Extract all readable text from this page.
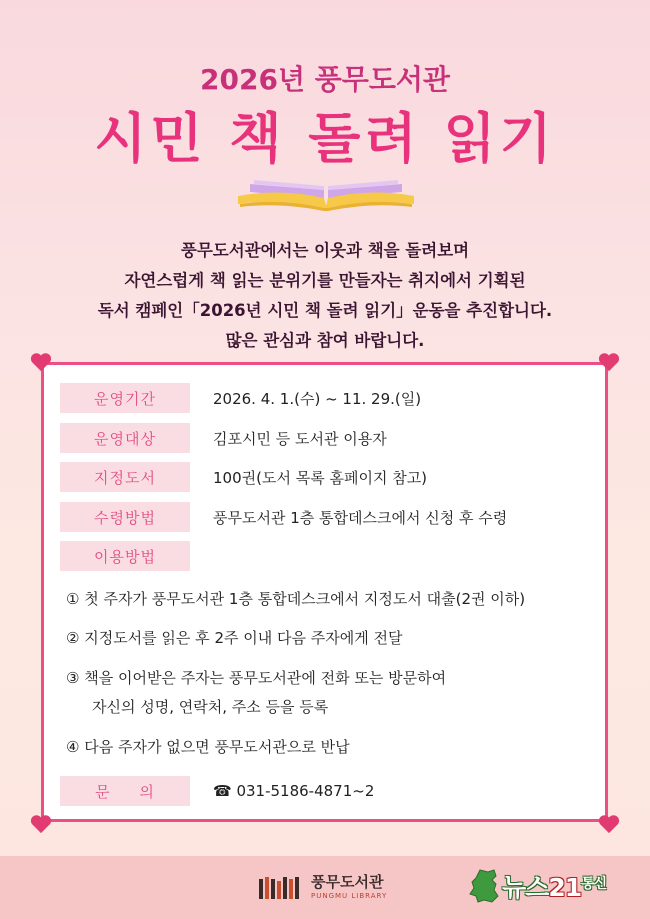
2026년 풍무도서관
시민 책 돌려 읽기
풍무도서관에서는 이웃과 책을 돌려보며
자연스럽게 책 읽는 분위기를 만들자는 취지에서 기획된
독서 캠페인「2026년 시민 책 돌려 읽기」운동을 추진합니다.
많은 관심과 참여 바랍니다.
운영기간	2026. 4. 1.(수) ~ 11. 29.(일)
운영대상	김포시민 등 도서관 이용자
지정도서	100권(도서 목록 홈페이지 참고)
수령방법	풍무도서관 1층 통합데스크에서 신청 후 수령
이용방법
① 첫 주자가 풍무도서관 1층 통합데스크에서 지정도서 대출(2권 이하)
② 지정도서를 읽은 후 2주 이내 다음 주자에게 전달
③ 책을 이어받은 주자는 풍무도서관에 전화 또는 방문하여
자신의 성명, 연락처, 주소 등을 등록
④ 다음 주자가 없으면 풍무도서관으로 반납
문     의	☎ 031-5186-4871~2
풍무도서관
PUNGMU LIBRARY	뉴스$21^{통신}$
